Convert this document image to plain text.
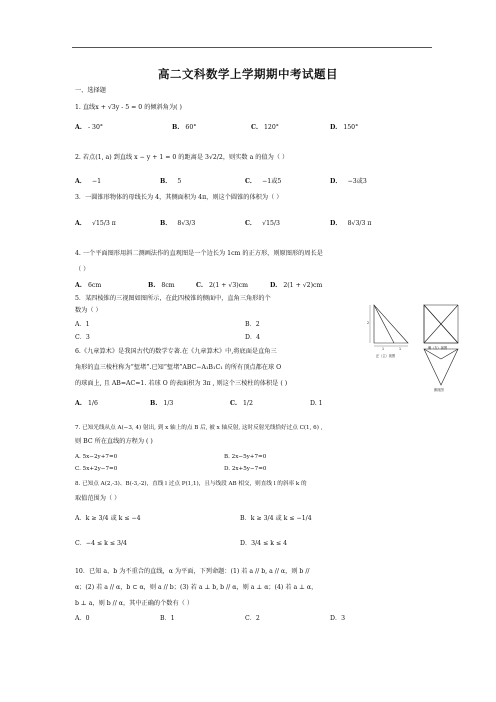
高二文科数学上学期期中考试题目
一、选择题
1. 直线x + √3y - 5 = 0 的倾斜角为( )
A. - 30°	B. 60°	C. 120°	D. 150°
2. 若点(1, a) 到直线 x − y + 1 = 0 的距离是 3√2/2，则实数 a 的值为（ ）
A． −1	B． 5	C． −1或5	D． −3或3
3．一圆锥形物体的母线长为 4，其侧面积为 4π，则这个圆锥的体积为（ ）
A． √15/3 π	B． 8√3/3	C． √15/3	D． 8√3/3 π
4. 一个平面图形用斜二测画法作的直观图是一个边长为 1cm 的正方形，则原图形的周长是
（ ）
A. 6cm	B. 8cm	C. 2(1 + √3)cm	D. 2(1 + √2)cm
5．某四棱锥的三视图如图所示，在此四棱锥的侧面中，直角三角形的个
数为（ ）
A．1	B．2
C．3	D．4
2
1	1
正（主）视图
侧（左）视图
俯视图
6.《九章算术》是我国古代的数学专著.在《九章算术》中,将底面是直角三
角形的直三棱柱称为“堑堵”.已知“堑堵”ABC−A₁B₁C₁ 的所有顶点都在球 O
的球面上, 且 AB=AC=1. 若球 O 的表面积为 3π , 则这个三棱柱的体积是 ( )
A. 1/6	B. 1/3	C. 1/2	D. 1
7. 已知光线从点 A(−3, 4) 射出, 到 x 轴上的点 B 后, 被 x 轴反射, 这时反射光线恰好过点 C(1, 6) ,
则 BC 所在直线的方程为 ( )
A. 5x−2y+7=0	B. 2x−5y+7=0
C. 5x+2y−7=0	D. 2x+5y−7=0
8. 已知点 A(2,-3)、B(-3,-2)，直线 l 过点 P(1,1)，且与线段 AB 相交，则直线 l 的斜率 k 的
取值范围为（ ）
A．k ≥ 3/4 或 k ≤ −4	B．k ≥ 3/4 或 k ≤ −1/4
C．−4 ≤ k ≤ 3/4	D．3/4 ≤ k ≤ 4
10．已知 a、b 为不重合的直线，α 为平面，下列命题：(1) 若 a // b, a // α，则 b //
α；(2) 若 a // α，b ⊂ α，则 a // b；(3) 若 a ⊥ b, b // α，则 a ⊥ α；(4) 若 a ⊥ α，
b ⊥ a，则 b // α，其中正确的个数有（ ）
A．0	B．1	C．2	D．3
